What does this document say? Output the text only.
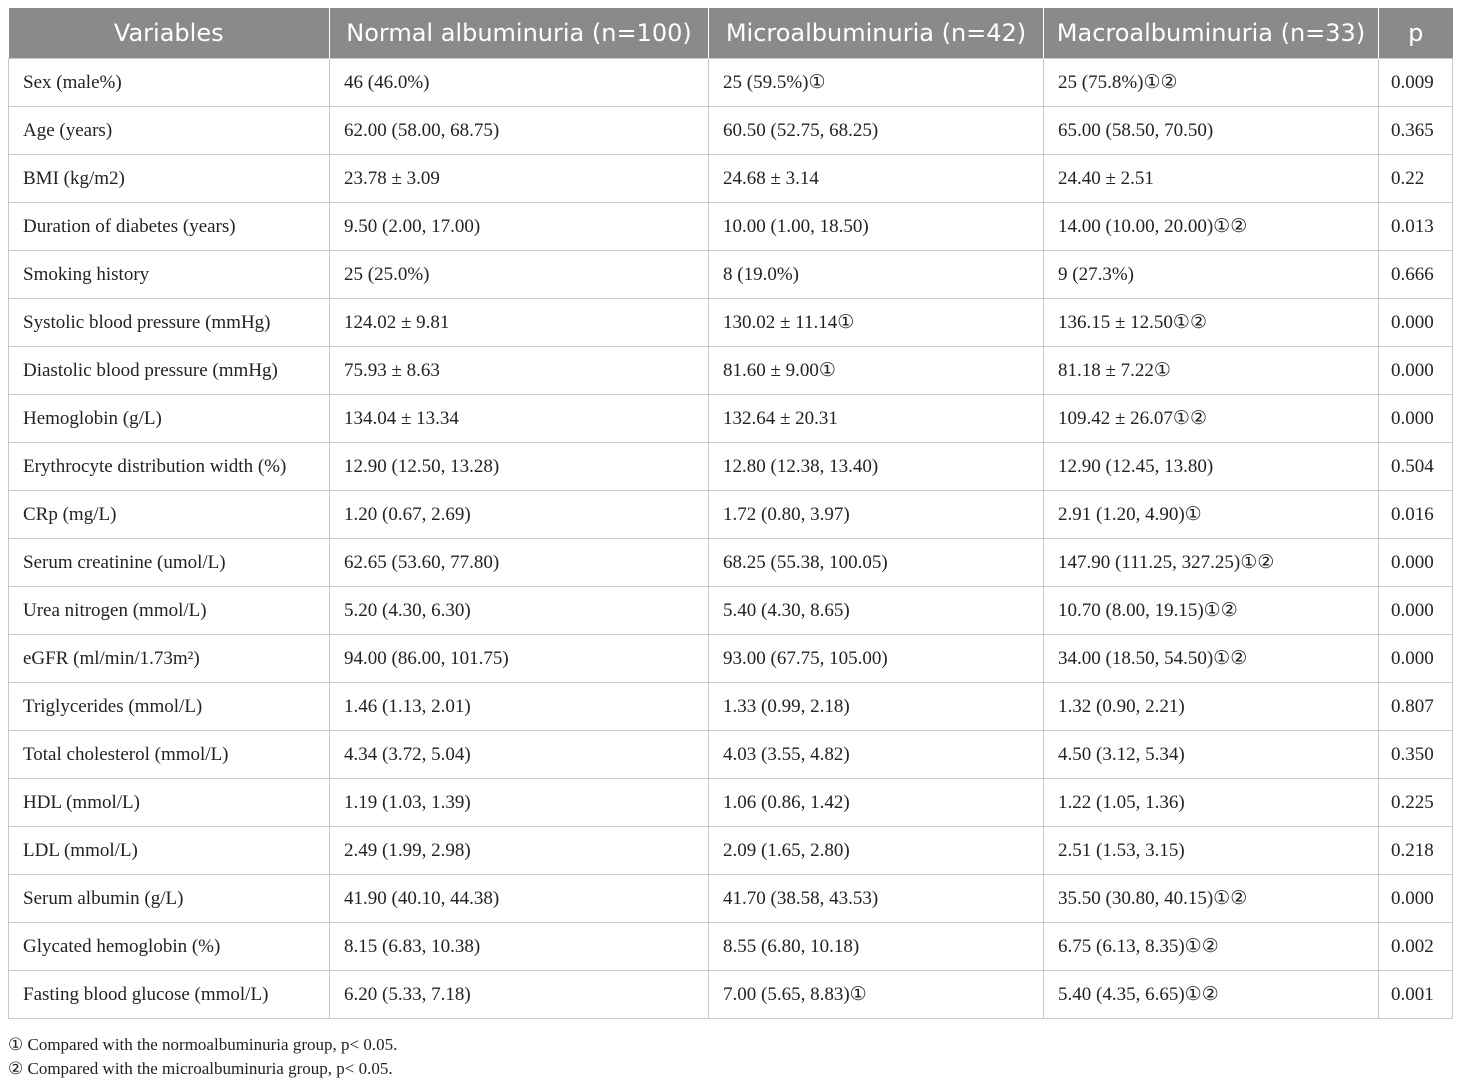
Variables	Normal albuminuria (n=100)	Microalbuminuria (n=42)	Macroalbuminuria (n=33)	p
Sex (male%)	46 (46.0%)	25 (59.5%)①	25 (75.8%)①②	0.009
Age (years)	62.00 (58.00, 68.75)	60.50 (52.75, 68.25)	65.00 (58.50, 70.50)	0.365
BMI (kg/m2)	23.78 ± 3.09	24.68 ± 3.14	24.40 ± 2.51	0.22
Duration of diabetes (years)	9.50 (2.00, 17.00)	10.00 (1.00, 18.50)	14.00 (10.00, 20.00)①②	0.013
Smoking history	25 (25.0%)	8 (19.0%)	9 (27.3%)	0.666
Systolic blood pressure (mmHg)	124.02 ± 9.81	130.02 ± 11.14①	136.15 ± 12.50①②	0.000
Diastolic blood pressure (mmHg)	75.93 ± 8.63	81.60 ± 9.00①	81.18 ± 7.22①	0.000
Hemoglobin (g/L)	134.04 ± 13.34	132.64 ± 20.31	109.42 ± 26.07①②	0.000
Erythrocyte distribution width (%)	12.90 (12.50, 13.28)	12.80 (12.38, 13.40)	12.90 (12.45, 13.80)	0.504
CRp (mg/L)	1.20 (0.67, 2.69)	1.72 (0.80, 3.97)	2.91 (1.20, 4.90)①	0.016
Serum creatinine (umol/L)	62.65 (53.60, 77.80)	68.25 (55.38, 100.05)	147.90 (111.25, 327.25)①②	0.000
Urea nitrogen (mmol/L)	5.20 (4.30, 6.30)	5.40 (4.30, 8.65)	10.70 (8.00, 19.15)①②	0.000
eGFR (ml/min/1.73m²)	94.00 (86.00, 101.75)	93.00 (67.75, 105.00)	34.00 (18.50, 54.50)①②	0.000
Triglycerides (mmol/L)	1.46 (1.13, 2.01)	1.33 (0.99, 2.18)	1.32 (0.90, 2.21)	0.807
Total cholesterol (mmol/L)	4.34 (3.72, 5.04)	4.03 (3.55, 4.82)	4.50 (3.12, 5.34)	0.350
HDL (mmol/L)	1.19 (1.03, 1.39)	1.06 (0.86, 1.42)	1.22 (1.05, 1.36)	0.225
LDL (mmol/L)	2.49 (1.99, 2.98)	2.09 (1.65, 2.80)	2.51 (1.53, 3.15)	0.218
Serum albumin (g/L)	41.90 (40.10, 44.38)	41.70 (38.58, 43.53)	35.50 (30.80, 40.15)①②	0.000
Glycated hemoglobin (%)	8.15 (6.83, 10.38)	8.55 (6.80, 10.18)	6.75 (6.13, 8.35)①②	0.002
Fasting blood glucose (mmol/L)	6.20 (5.33, 7.18)	7.00 (5.65, 8.83)①	5.40 (4.35, 6.65)①②	0.001
① Compared with the normoalbuminuria group, p< 0.05.
② Compared with the microalbuminuria group, p< 0.05.
